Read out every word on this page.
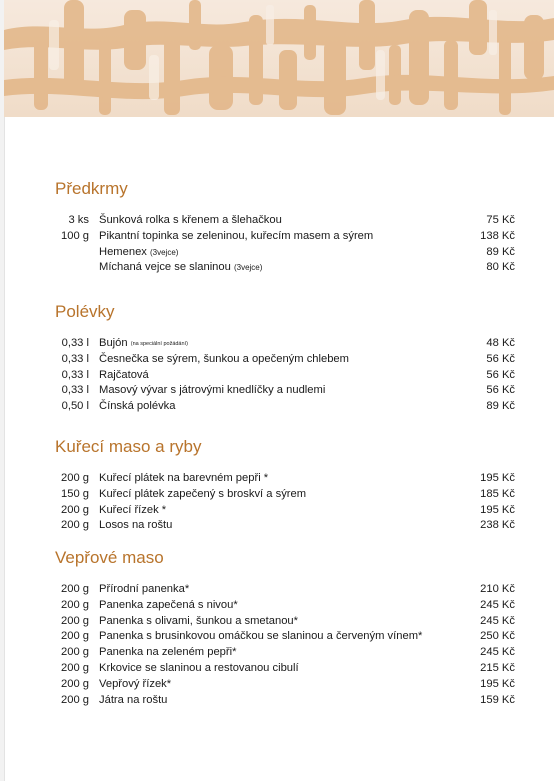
Předkrmy
3 ks Šunková rolka s křenem a šlehačkou	75 Kč
100 g Pikantní topinka se zeleninou, kuřecím masem a sýrem	138 Kč
Hemenex (3vejce)	89 Kč
Míchaná vejce se slaninou (3vejce)	80 Kč
Polévky
0,33 l Bujón (na speciální požádání)	48 Kč
0,33 l Česnečka se sýrem, šunkou a opečeným chlebem	56 Kč
0,33 l Rajčatová	56 Kč
0,33 l Masový vývar s játrovými knedlíčky a nudlemi	56 Kč
0,50 l Čínská polévka	89 Kč
Kuřecí maso a ryby
200 g Kuřecí plátek na barevném pepři *	195 Kč
150 g Kuřecí plátek zapečený s broskví a sýrem	185 Kč
200 g Kuřecí řízek *	195 Kč
200 g Losos na roštu	238 Kč
Vepřové maso
200 g Přírodní panenka*	210 Kč
200 g Panenka zapečená s nivou*	245 Kč
200 g Panenka s olivami, šunkou a smetanou*	245 Kč
200 g Panenka s brusinkovou omáčkou se slaninou a červeným vínem*	250 Kč
200 g Panenka na zeleném pepři*	245 Kč
200 g Krkovice se slaninou a restovanou cibulí	215 Kč
200 g Vepřový řízek*	195 Kč
200 g Játra na roštu	159 Kč
